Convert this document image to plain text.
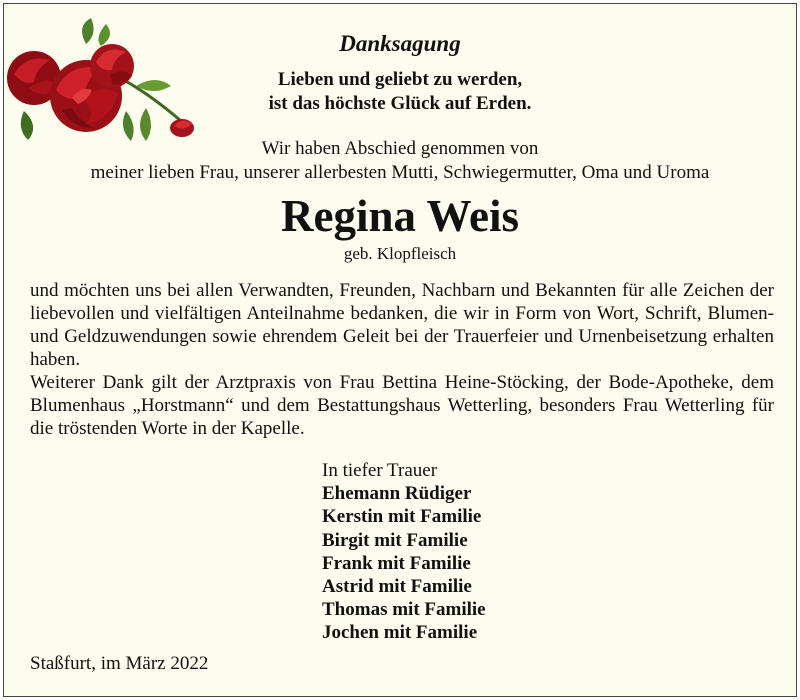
Danksagung
Lieben und geliebt zu werden,
ist das höchste Glück auf Erden.
Wir haben Abschied genommen von
meiner lieben Frau, unserer allerbesten Mutti, Schwiegermutter, Oma und Uroma
Regina Weis
geb. Klopfleisch

und möchten uns bei allen Verwandten, Freunden, Nachbarn und Bekannten für alle Zeichen der liebevollen und vielfältigen Anteilnahme bedanken, die wir in Form von Wort, Schrift, Blumen- und Geldzuwendungen sowie ehrendem Geleit bei der Trauerfeier und Urnenbeisetzung erhalten haben.

Weiterer Dank gilt der Arztpraxis von Frau Bettina Heine-Stöcking, der Bode-Apotheke, dem Blumenhaus „Horstmann“ und dem Bestattungshaus Wetterling, besonders Frau Wetterling für die tröstenden Worte in der Kapelle.

In tiefer Trauer
Ehemann Rüdiger
Kerstin mit Familie
Birgit mit Familie
Frank mit Familie
Astrid mit Familie
Thomas mit Familie
Jochen mit Familie
Staßfurt, im März 2022
